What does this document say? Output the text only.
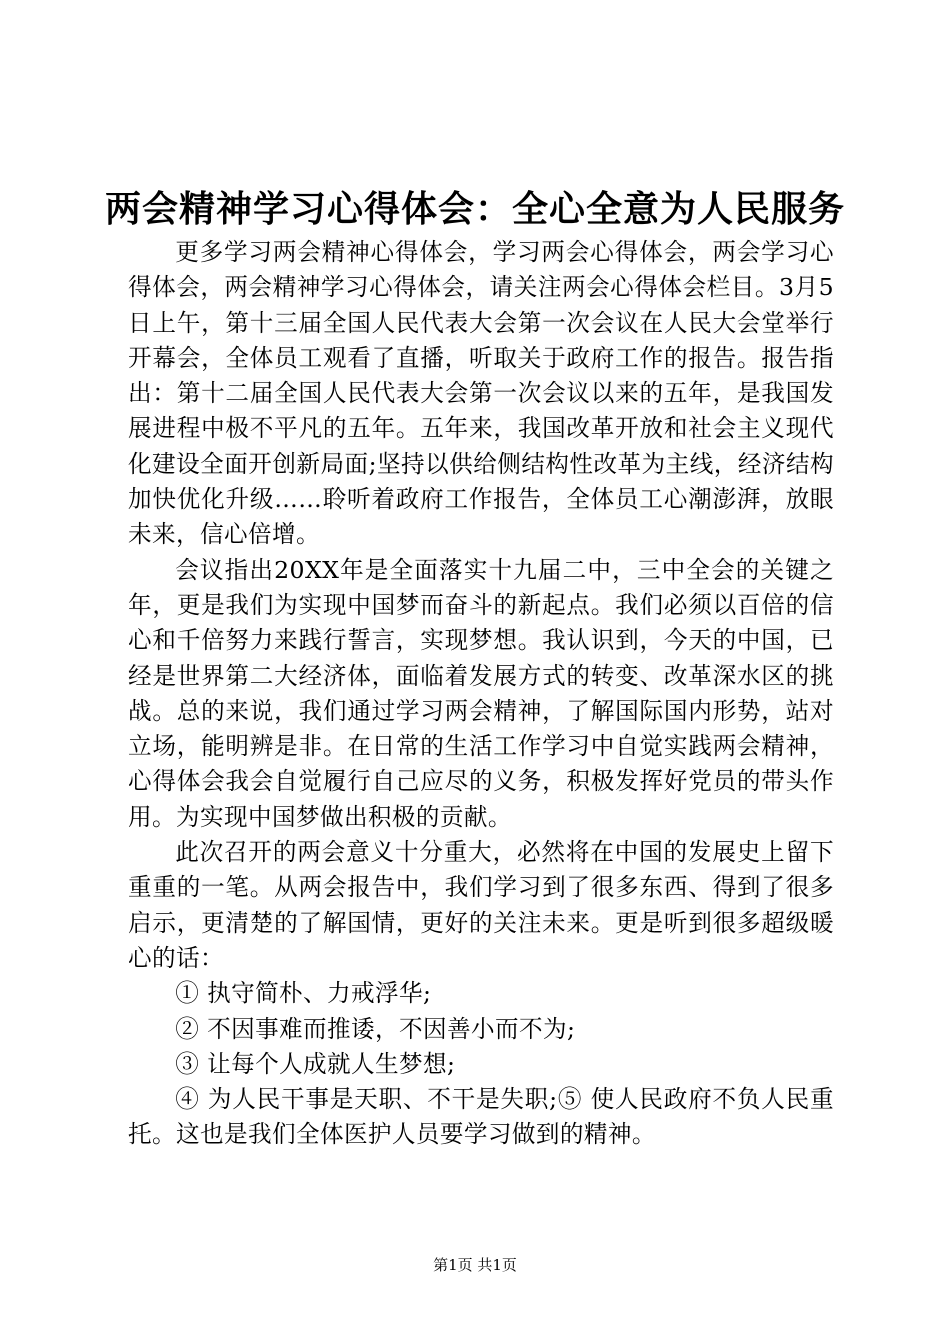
两会精神学习心得体会：全心全意为人民服务

更多学习两会精神心得体会，学习两会心得体会，两会学习心得体会，两会精神学习心得体会，请关注两会心得体会栏目。3月5日上午，第十三届全国人民代表大会第一次会议在人民大会堂举行开幕会，全体员工观看了直播，听取关于政府工作的报告。报告指出：第十二届全国人民代表大会第一次会议以来的五年，是我国发展进程中极不平凡的五年。五年来，我国改革开放和社会主义现代化建设全面开创新局面;坚持以供给侧结构性改革为主线，经济结构加快优化升级……聆听着政府工作报告，全体员工心潮澎湃，放眼未来，信心倍增。

会议指出20XX年是全面落实十九届二中，三中全会的关键之年，更是我们为实现中国梦而奋斗的新起点。我们必须以百倍的信心和千倍努力来践行誓言，实现梦想。我认识到，今天的中国，已经是世界第二大经济体，面临着发展方式的转变、改革深水区的挑战。总的来说，我们通过学习两会精神，了解国际国内形势，站对立场，能明辨是非。在日常的生活工作学习中自觉实践两会精神，心得体会我会自觉履行自己应尽的义务，积极发挥好党员的带头作用。为实现中国梦做出积极的贡献。

此次召开的两会意义十分重大，必然将在中国的发展史上留下重重的一笔。从两会报告中，我们学习到了很多东西、得到了很多启示，更清楚的了解国情，更好的关注未来。更是听到很多超级暖心的话：

① 执守简朴、力戒浮华;

② 不因事难而推诿，不因善小而不为;

③ 让每个人成就人生梦想;

④ 为人民干事是天职、不干是失职;⑤ 使人民政府不负人民重托。这也是我们全体医护人员要学习做到的精神。

第1页 共1页
